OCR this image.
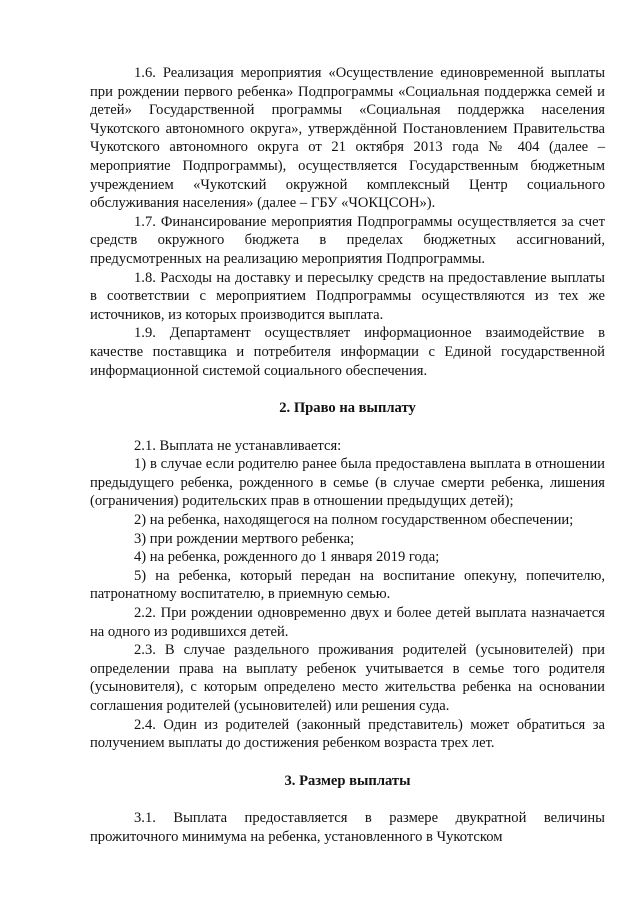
1.6. Реализация мероприятия «Осуществление единовременной выплаты при рождении первого ребенка» Подпрограммы «Социальная поддержка семей и детей» Государственной программы «Социальная поддержка населения Чукотского автономного округа», утверждённой Постановлением Правительства Чукотского автономного округа от 21 октября 2013 года № 404 (далее – мероприятие Подпрограммы), осуществляется Государственным бюджетным учреждением «Чукотский окружной комплексный Центр социального обслуживания населения» (далее – ГБУ «ЧОКЦСОН»).

1.7. Финансирование мероприятия Подпрограммы осуществляется за счет средств окружного бюджета в пределах бюджетных ассигнований, предусмотренных на реализацию мероприятия Подпрограммы.

1.8. Расходы на доставку и пересылку средств на предоставление выплаты в соответствии с мероприятием Подпрограммы осуществляются из тех же источников, из которых производится выплата.

1.9. Департамент осуществляет информационное взаимодействие в качестве поставщика и потребителя информации с Единой государственной информационной системой социального обеспечения.

2. Право на выплату

2.1. Выплата не устанавливается:

1) в случае если родителю ранее была предоставлена выплата в отношении предыдущего ребенка, рожденного в семье (в случае смерти ребенка, лишения (ограничения) родительских прав в отношении предыдущих детей);

2) на ребенка, находящегося на полном государственном обеспечении;

3) при рождении мертвого ребенка;

4) на ребенка, рожденного до 1 января 2019 года;

5) на ребенка, который передан на воспитание опекуну, попечителю, патронатному воспитателю, в приемную семью.

2.2. При рождении одновременно двух и более детей выплата назначается на одного из родившихся детей.

2.3. В случае раздельного проживания родителей (усыновителей) при определении права на выплату ребенок учитывается в семье того родителя (усыновителя), с которым определено место жительства ребенка на основании соглашения родителей (усыновителей) или решения суда.

2.4. Один из родителей (законный представитель) может обратиться за получением выплаты до достижения ребенком возраста трех лет.

3. Размер выплаты

3.1. Выплата предоставляется в размере двукратной величины прожиточного минимума на ребенка, установленного в Чукотском
